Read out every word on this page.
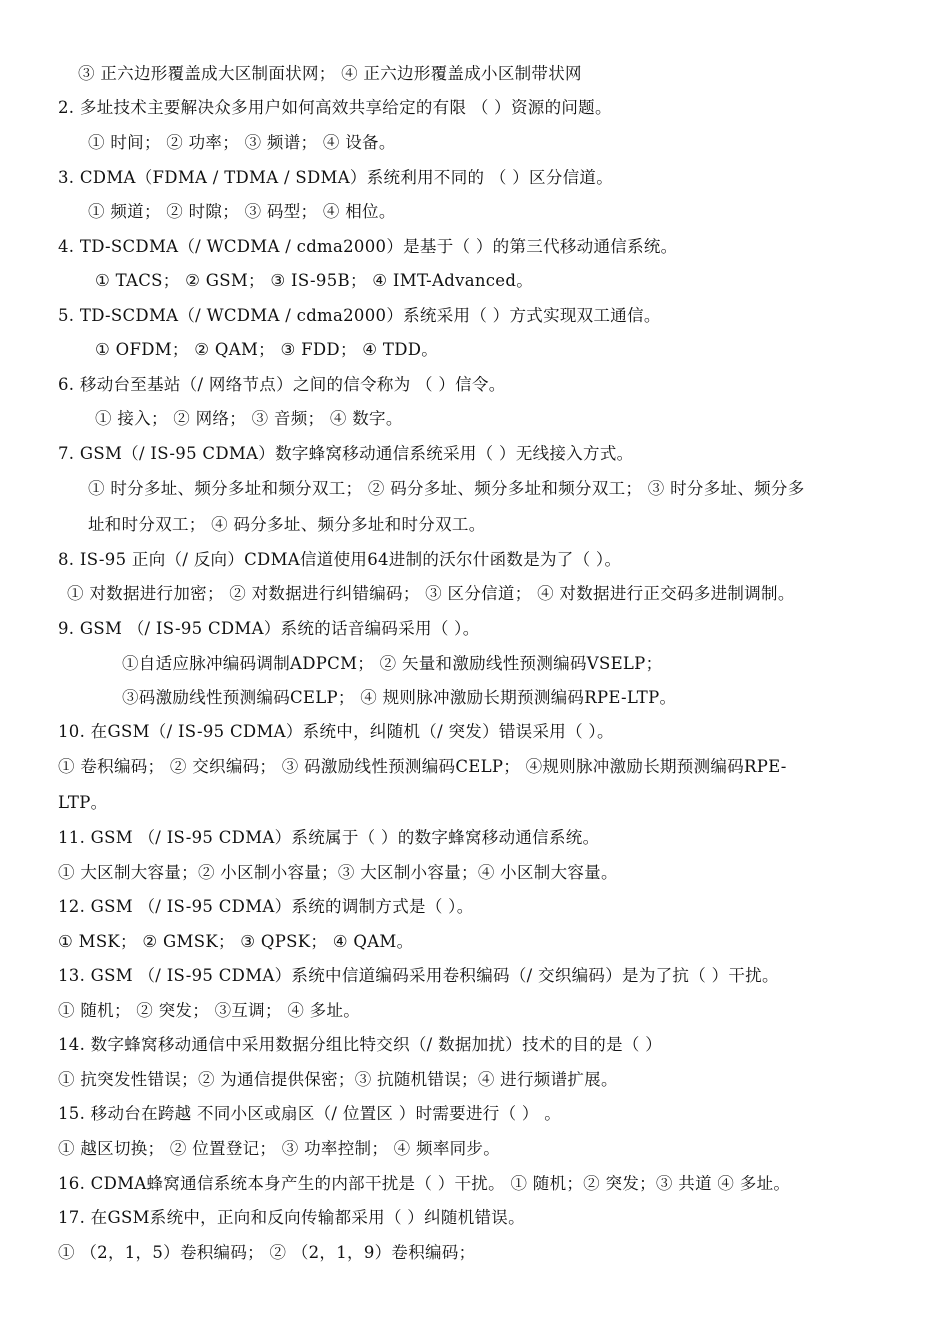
③ 正六边形覆盖成大区制面状网； ④ 正六边形覆盖成小区制带状网
2. 多址技术主要解决众多用户如何高效共享给定的有限 （ ）资源的问题。
① 时间； ② 功率； ③ 频谱； ④ 设备。
3. CDMA（FDMA / TDMA / SDMA）系统利用不同的 （ ）区分信道。
① 频道； ② 时隙； ③ 码型； ④ 相位。
4. TD-SCDMA（/ WCDMA / cdma2000）是基于（ ）的第三代移动通信系统。
① TACS； ② GSM； ③ IS-95B； ④ IMT-Advanced。
5. TD-SCDMA（/ WCDMA / cdma2000）系统采用（ ）方式实现双工通信。
① OFDM； ② QAM； ③ FDD； ④ TDD。
6. 移动台至基站（/ 网络节点）之间的信令称为 （ ）信令。
① 接入； ② 网络； ③ 音频； ④ 数字。
7. GSM（/ IS-95 CDMA）数字蜂窝移动通信系统采用（ ）无线接入方式。
① 时分多址、频分多址和频分双工； ② 码分多址、频分多址和频分双工； ③ 时分多址、频分多
址和时分双工； ④ 码分多址、频分多址和时分双工。
8. IS-95 正向（/ 反向）CDMA信道使用64进制的沃尔什函数是为了（ ）。
① 对数据进行加密； ② 对数据进行纠错编码； ③ 区分信道； ④ 对数据进行正交码多进制调制。
9. GSM （/ IS-95 CDMA）系统的话音编码采用（ ）。
①自适应脉冲编码调制ADPCM； ② 矢量和激励线性预测编码VSELP；
③码激励线性预测编码CELP； ④ 规则脉冲激励长期预测编码RPE-LTP。
10. 在GSM（/ IS-95 CDMA）系统中，纠随机（/ 突发）错误采用（ ）。
① 卷积编码； ② 交织编码； ③ 码激励线性预测编码CELP； ④规则脉冲激励长期预测编码RPE-
LTP。
11. GSM （/ IS-95 CDMA）系统属于（ ）的数字蜂窝移动通信系统。
① 大区制大容量；② 小区制小容量；③ 大区制小容量；④ 小区制大容量。
12. GSM （/ IS-95 CDMA）系统的调制方式是（ ）。
① MSK； ② GMSK； ③ QPSK； ④ QAM。
13. GSM （/ IS-95 CDMA）系统中信道编码采用卷积编码（/ 交织编码）是为了抗（ ）干扰。
① 随机； ② 突发； ③互调； ④ 多址。
14. 数字蜂窝移动通信中采用数据分组比特交织（/ 数据加扰）技术的目的是（ ）
① 抗突发性错误；② 为通信提供保密；③ 抗随机错误；④ 进行频谱扩展。
15. 移动台在跨越 不同小区或扇区（/ 位置区 ）时需要进行（ ） 。
① 越区切换； ② 位置登记； ③ 功率控制； ④ 频率同步。
16. CDMA蜂窝通信系统本身产生的内部干扰是（ ）干扰。 ① 随机；② 突发；③ 共道 ④ 多址。
17. 在GSM系统中，正向和反向传输都采用（ ）纠随机错误。
① （2，1，5）卷积编码； ② （2，1，9）卷积编码；
